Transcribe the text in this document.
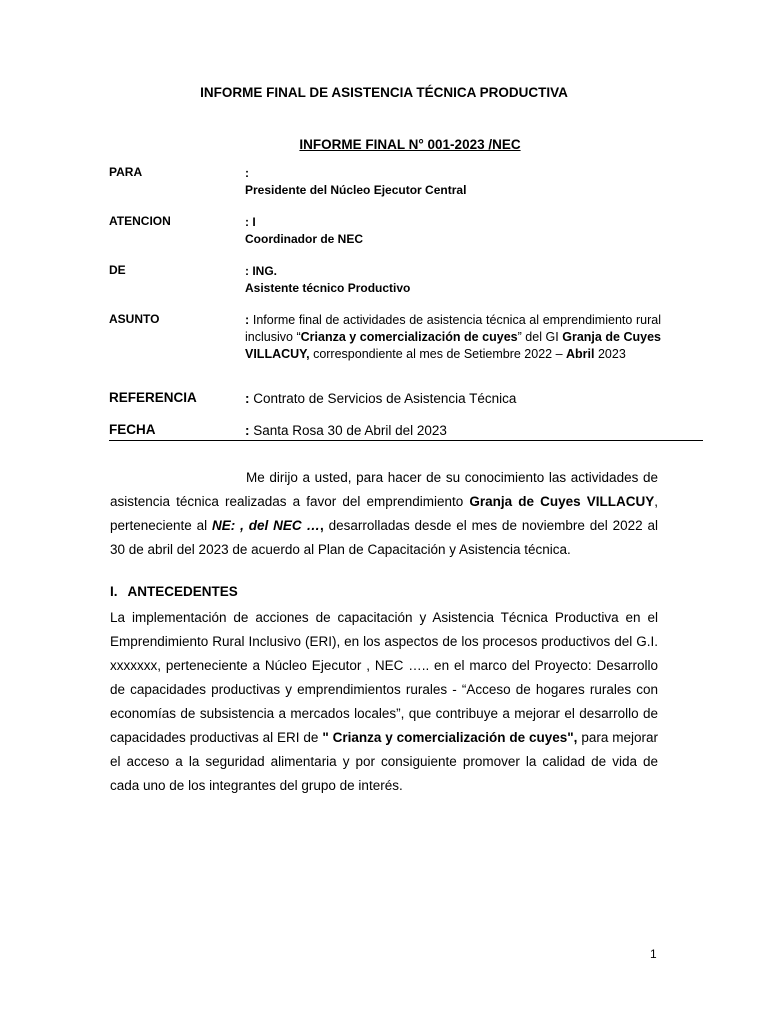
INFORME FINAL DE ASISTENCIA TÉCNICA PRODUCTIVA
INFORME FINAL N° 001-2023 /NEC
PARA	:
Presidente del Núcleo Ejecutor Central
ATENCION	: I
Coordinador de NEC
DE	: ING.
Asistente técnico Productivo
ASUNTO	: Informe final de actividades de asistencia técnica al emprendimiento rural inclusivo “Crianza y comercialización de cuyes” del GI Granja de Cuyes VILLACUY, correspondiente al mes de Setiembre 2022 – Abril 2023
REFERENCIA	: Contrato de Servicios de Asistencia Técnica
FECHA	: Santa Rosa 30 de Abril del 2023
Me dirijo a usted, para hacer de su conocimiento las actividades de asistencia técnica realizadas a favor del emprendimiento Granja de Cuyes VILLACUY, perteneciente al NE: , del NEC …, desarrolladas desde el mes de noviembre del 2022 al 30 de abril del 2023 de acuerdo al Plan de Capacitación y Asistencia técnica.
I. ANTECEDENTES
La implementación de acciones de capacitación y Asistencia Técnica Productiva en el Emprendimiento Rural Inclusivo (ERI), en los aspectos de los procesos productivos del G.I. xxxxxxx, perteneciente a Núcleo Ejecutor , NEC ….. en el marco del Proyecto: Desarrollo de capacidades productivas y emprendimientos rurales - “Acceso de hogares rurales con economías de subsistencia a mercados locales”, que contribuye a mejorar el desarrollo de capacidades productivas al ERI de " Crianza y comercialización de cuyes", para mejorar el acceso a la seguridad alimentaria y por consiguiente promover la calidad de vida de cada uno de los integrantes del grupo de interés.
1
